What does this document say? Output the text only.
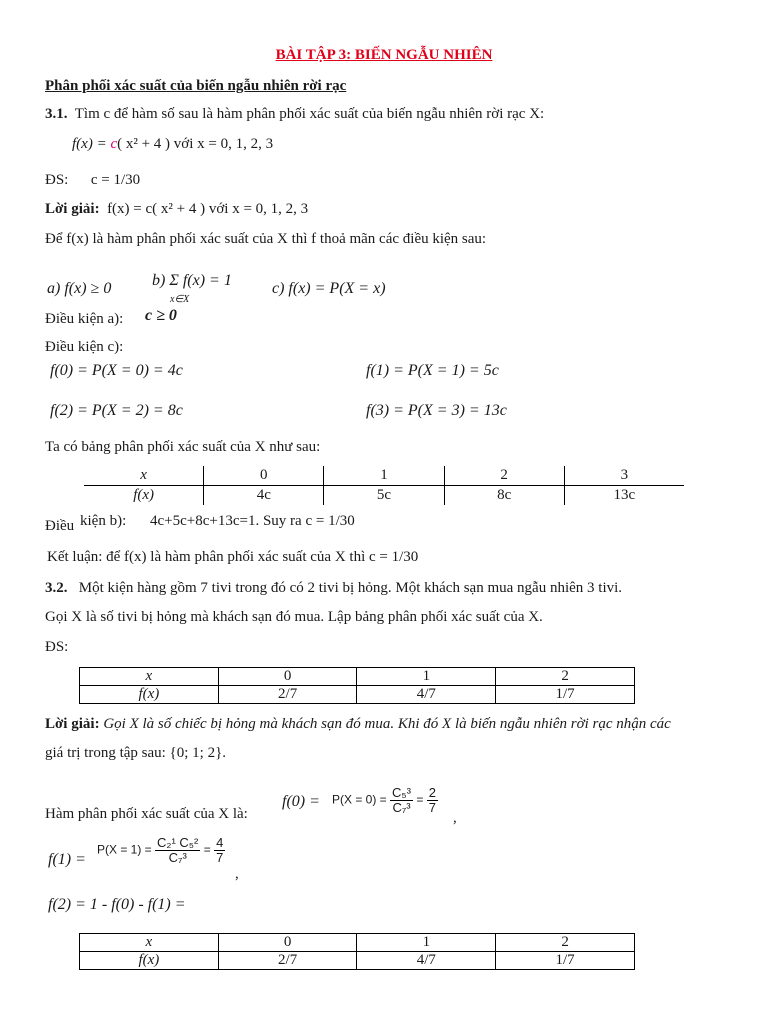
BÀI TẬP 3: BIẾN NGẪU NHIÊN
Phân phối xác suất của biến ngẫu nhiên rời rạc
3.1. Tìm c để hàm số sau là hàm phân phối xác suất của biến ngẫu nhiên rời rạc X:
f(x) = c( x² + 4 ) với x = 0, 1, 2, 3
ĐS: c = 1/30
Lời giải: f(x) = c( x² + 4 ) với x = 0, 1, 2, 3
Để f(x) là hàm phân phối xác suất của X thì f thoả mãn các điều kiện sau:
a) f(x) ≥ 0	b) Σ f(x) = 1
x∈X
c) f(x) = P(X = x)
Điều kiện a): c ≥ 0
Điều kiện c):
f(0) = P(X = 0) = 4c	f(1) = P(X = 1) = 5c
f(2) = P(X = 2) = 8c	f(3) = P(X = 3) = 13c
Ta có bảng phân phối xác suất của X như sau:
x	0	1	2	3
f(x)	4c	5c	8c	13c
Điều kiện b): 4c+5c+8c+13c=1. Suy ra c = 1/30
Kết luận: để f(x) là hàm phân phối xác suất của X thì c = 1/30
3.2. Một kiện hàng gồm 7 tivi trong đó có 2 tivi bị hỏng. Một khách sạn mua ngẫu nhiên 3 tivi.
Gọi X là số tivi bị hỏng mà khách sạn đó mua. Lập bảng phân phối xác suất của X.
ĐS:
x	0	1	2
f(x)	2/7	4/7	1/7
Lời giải: Gọi X là số chiếc bị hỏng mà khách sạn đó mua. Khi đó X là biến ngẫu nhiên rời rạc nhận các
giá trị trong tập sau: {0; 1; 2}.
Hàm phân phối xác suất của X là:
$f(0) = P(X = 0) = \frac{\text{C₅³}}{\text{C₇³}} = \frac{2}{7}$
,
f(1) =
$P(X = 1) = \frac{\text{C₂¹ C₅²}}{\text{C₇³}} = \frac{4}{7}$
,
f(2) = 1 - f(0) - f(1) =
x	0	1	2
f(x)	2/7	4/7	1/7
